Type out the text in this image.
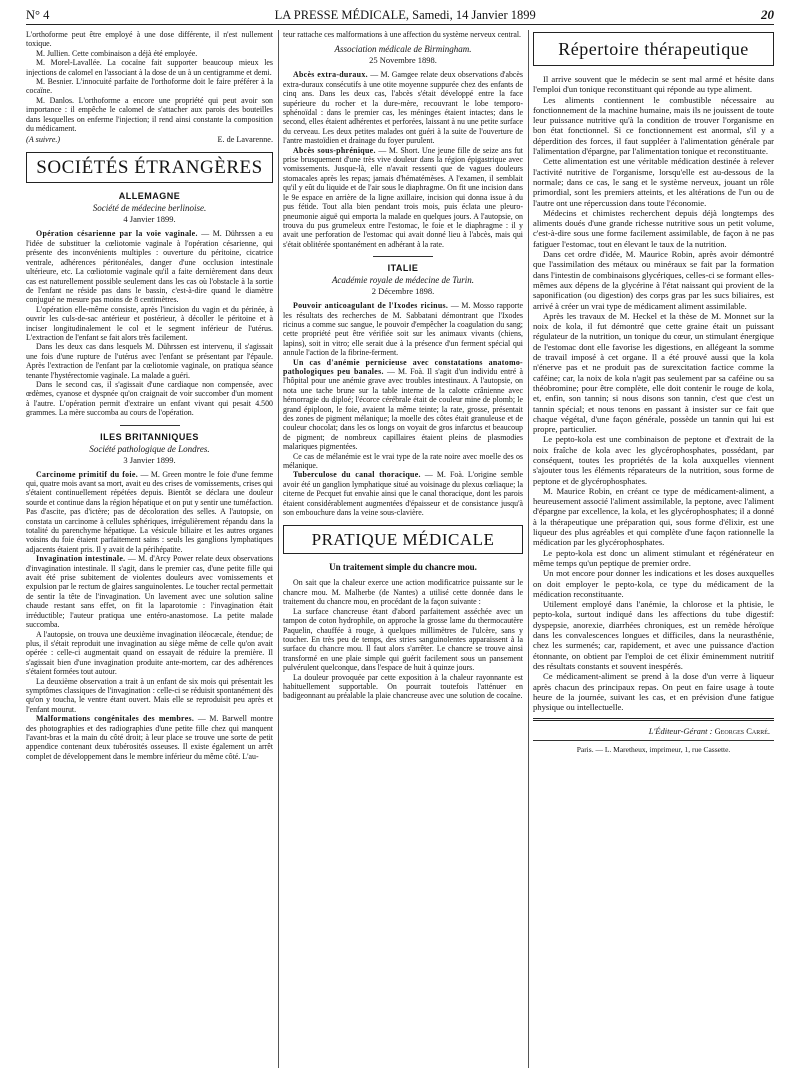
N° 4	LA PRESSE MÉDICALE, Samedi, 14 Janvier 1899	20

L'orthoforme peut être employé à une dose différente, il n'est nullement toxique.

M. Jullien. Cette combinaison a déjà été employée.

M. Morel-Lavallée. La cocaïne fait supporter beaucoup mieux les injections de calomel en l'associant à la dose de un à un centigramme et demi.

M. Besnier. L'innocuité parfaite de l'orthoforme doit le faire préférer à la cocaïne.

M. Danlos. L'orthoforme a encore une propriété qui peut avoir son importance : il empêche le calomel de s'attacher aux parois des bouteilles dans lesquelles on enferme l'injection; il rend ainsi constante la composition du médicament.

(A suivre.)	E. de Lavarenne.
SOCIÉTÉS ÉTRANGÈRES
ALLEMAGNE
Société de médecine berlinoise.
4 Janvier 1899.

Opération césarienne par la voie vaginale. — M. Dührssen a eu l'idée de substituer la cœliotomie vaginale à l'opération césarienne, qui présente des inconvénients multiples : ouverture du péritoine, cicatrice ventrale, adhérences péritonéales, danger d'une occlusion intestinale ultérieure, etc. La cœliotomie vaginale qu'il a faite dernièrement dans deux cas est naturellement possible seulement dans les cas où l'obstacle à la sortie de l'enfant ne réside pas dans le bassin, c'est-à-dire quand le diamètre conjugué ne mesure pas moins de 8 centimètres.

L'opération elle-même consiste, après l'incision du vagin et du périnée, à ouvrir les culs-de-sac antérieur et postérieur, à décoller le péritoine et à inciser longitudinalement le col et le segment inférieur de l'utérus. L'extraction de l'enfant se fait alors très facilement.

Dans les deux cas dans lesquels M. Dührssen est intervenu, il s'agissait une fois d'une rupture de l'utérus avec l'enfant se présentant par l'épaule. Après l'extraction de l'enfant par la cœliotomie vaginale, on pratiqua séance tenante l'hystérectomie vaginale. La malade a guéri.

Dans le second cas, il s'agissait d'une cardiaque non compensée, avec œdèmes, cyanose et dyspnée qu'on craignait de voir succomber d'un moment à l'autre. L'opération permit d'extraire un enfant vivant qui pesait 4.500 grammes. La mère succomba au cours de l'opération.

ILES BRITANNIQUES
Société pathologique de Londres.
3 Janvier 1899.

Carcinome primitif du foie. — M. Green montre le foie d'une femme qui, quatre mois avant sa mort, avait eu des crises de vomissements, crises qui s'étaient continuellement répétées depuis. Bientôt se déclara une douleur sourde et continue dans la région hépatique et on put y sentir une tuméfaction. Pas d'ascite, pas d'ictère; pas de décoloration des selles. A l'autopsie, on constata un carcinome à cellules sphériques, irrégulièrement répandu dans la totalité du parenchyme hépatique. La vésicule biliaire et les autres organes voisins du foie étaient parfaitement sains : seuls les ganglions lymphatiques adjacents étaient pris. Il y avait de la périhépatite.

Invagination intestinale. — M. d'Arcy Power relate deux observations d'invagination intestinale. Il s'agit, dans le premier cas, d'une petite fille qui avait été prise subitement de violentes douleurs avec vomissements et expulsion par le rectum de glaires sanguinolentes. Le toucher rectal permettait de sentir la tête de l'invagination. Un lavement avec une solution saline chaude restant sans effet, on fit la laparotomie : l'invagination était irréductible; l'auteur pratiqua une entéro-anastomose. La petite malade succomba.

A l'autopsie, on trouva une deuxième invagination iléocæcale, étendue; de plus, il s'était reproduit une invagination au siège même de celle qu'on avait opérée : celle-ci augmentait quand on essayait de réduire la première. Il s'agissait bien d'une invagination produite ante-mortem, car des adhérences s'étaient formées tout autour.

La deuxième observation a trait à un enfant de six mois qui présentait les symptômes classiques de l'invagination : celle-ci se réduisit spontanément dès qu'on y toucha, le ventre étant ouvert. Mais elle se reproduisit peu après et l'enfant mourut.

Malformations congénitales des membres. — M. Barwell montre des photographies et des radiographies d'une petite fille chez qui manquent l'avant-bras et la main du côté droit; à leur place se trouve une sorte de petit appendice contenant deux tubérosités osseuses. Il existe également un arrêt complet de développement dans le membre inférieur du même côté. L'au-

teur rattache ces malformations à une affection du système nerveux central.

Association médicale de Birmingham.
25 Novembre 1898.

Abcès extra-duraux. — M. Gamgee relate deux observations d'abcès extra-duraux consécutifs à une otite moyenne suppurée chez des enfants de cinq ans. Dans les deux cas, l'abcès s'était développé entre la face supérieure du rocher et la dure-mère, recouvrant le lobe temporo-sphénoïdal : dans le premier cas, les méninges étaient intactes; dans le second, elles étaient adhérentes et perforées, laissant à nu une petite surface du cerveau. Les deux petites malades ont guéri à la suite de l'ouverture de l'antre mastoïdien et drainage du foyer purulent.

Abcès sous-phrénique. — M. Short. Une jeune fille de seize ans fut prise brusquement d'une très vive douleur dans la région épigastrique avec vomissements. Jusque-là, elle n'avait ressenti que de vagues douleurs stomacales après les repas; jamais d'hématémèses. A l'examen, il semblait qu'il y eût du liquide et de l'air sous le diaphragme. On fit une incision dans le 9e espace en arrière de la ligne axillaire, incision qui donna issue à du pus fétide. Tout alla bien pendant trois mois, puis éclata une pleuro-pneumonie aiguë qui emporta la malade en quelques jours. A l'autopsie, on trouva du pus grumeleux entre l'estomac, le foie et le diaphragme : il y avait une perforation de l'estomac qui avait donné lieu à l'abcès, mais qui s'était oblitérée spontanément en adhérant à la rate.

ITALIE
Académie royale de médecine de Turin.
2 Décembre 1898.

Pouvoir anticoagulant de l'Ixodes ricinus. — M. Mosso rapporte les résultats des recherches de M. Sabbatani démontrant que l'Ixodes ricinus a comme suc sangue, le pouvoir d'empêcher la coagulation du sang; cette propriété peut être vérifiée soit sur les animaux vivants (chiens, lapins), soit in vitro; elle serait due à la présence d'un ferment spécial qui annule l'action de la fibrine-ferment.

Un cas d'anémie pernicieuse avec constatations anatomo-pathologiques peu banales. — M. Foà. Il s'agit d'un individu entré à l'hôpital pour une anémie grave avec troubles intestinaux. A l'autopsie, on nota une tache brune sur la table interne de la calotte crânienne avec hémorragie du diploé; l'écorce cérébrale était de couleur mine de plomb; le grand épiploon, le foie, avaient la même teinte; la rate, grosse, présentait des zones de pigment mélanique; la moelle des côtes était granuleuse et de couleur chocolat; dans les os longs on voyait de gros infarctus et beaucoup de pigment; de nombreux capillaires étaient pleins de plasmodies malariques pigmentées.

Ce cas de mélanémie est le vrai type de la rate noire avec moelle des os mélanique.

Tuberculose du canal thoracique. — M. Foà. L'origine semble avoir été un ganglion lymphatique situé au voisinage du plexus cœliaque; la citerne de Pecquet fut envahie ainsi que le canal thoracique, dont les parois étaient considérablement augmentées d'épaisseur et de consistance jusqu'à son embouchure dans la veine sous-clavière.

PRATIQUE MÉDICALE
Un traitement simple du chancre mou.

On sait que la chaleur exerce une action modificatrice puissante sur le chancre mou. M. Malherbe (de Nantes) a utilisé cette donnée dans le traitement du chancre mou, en procédant de la façon suivante :

La surface chancreuse étant d'abord parfaitement asséchée avec un tampon de coton hydrophile, on approche la grosse lame du thermocautère Paquelin, chauffée à rouge, à quelques millimètres de l'ulcère, sans y toucher. En très peu de temps, des stries sanguinolentes apparaissent à la surface du chancre mou. Il faut alors s'arrêter. Le chancre se trouve ainsi transformé en une plaie simple qui guérit facilement sous un pansement pulvérulent quelconque, dans l'espace de huit à quinze jours.

La douleur provoquée par cette exposition à la chaleur rayonnante est habituellement supportable. On pourrait toutefois l'atténuer en badigeonnant au préalable la plaie chancreuse avec une solution de cocaïne.

Répertoire thérapeutique

Il arrive souvent que le médecin se sent mal armé et hésite dans l'emploi d'un tonique reconstituant qui réponde au type aliment.

Les aliments contiennent le combustible nécessaire au fonctionnement de la machine humaine, mais ils ne jouissent de toute leur puissance nutritive qu'à la condition de trouver l'organisme en bon état fonctionnel. Si ce fonctionnement est anormal, s'il y a déperdition des forces, il faut suppléer à l'alimentation générale par l'alimentation d'épargne, par l'alimentation tonique et reconstituante.

Cette alimentation est une véritable médication destinée à relever l'activité nutritive de l'organisme, lorsqu'elle est au-dessous de la normale; dans ce cas, le sang et le système nerveux, jouant un rôle primordial, sont les premiers atteints, et les altérations de l'un ou de l'autre ont une répercussion dans toute l'économie.

Médecins et chimistes recherchent depuis déjà longtemps des aliments doués d'une grande richesse nutritive sous un petit volume, c'est-à-dire sous une forme facilement assimilable, de façon à ne pas fatiguer l'estomac, tout en élevant le taux de la nutrition.

Dans cet ordre d'idée, M. Maurice Robin, après avoir démontré que l'assimilation des métaux ou minéraux se fait par la formation dans l'intestin de combinaisons glycériques, celles-ci se formant elles-mêmes aux dépens de la glycérine à l'état naissant qui provient de la saponification (ou digestion) des corps gras par les sucs biliaires, est arrivé à créer un vrai type de médicament aliment assimilable.

Après les travaux de M. Heckel et la thèse de M. Monnet sur la noix de kola, il fut démontré que cette graine était un puissant régulateur de la nutrition, un tonique du cœur, un stimulant énergique de l'estomac dont elle favorise les digestions, en allégeant la somme de travail imposé à cet organe. Il a été prouvé aussi que la kola n'énerve pas et ne produit pas de surexcitation factice comme la caféine; car, la noix de kola n'agit pas seulement par sa caféine ou sa théobromine; pour être complète, elle doit contenir le rouge de kola, et, enfin, son tannin; si nous disons son tannin, c'est que c'est un tannin spécial; et nous tenons en passant à insister sur ce fait que chaque végétal, d'une façon générale, possède un tannin qui lui est propre, particulier.

Le pepto-kola est une combinaison de peptone et d'extrait de la noix fraîche de kola avec les glycérophosphates, possédant, par conséquent, toutes les propriétés de la kola auxquelles viennent s'ajouter tous les éléments réparateurs de la nutrition, sous forme de peptone et de glycérophosphates.

M. Maurice Robin, en créant ce type de médicament-aliment, a heureusement associé l'aliment assimilable, la peptone, avec l'aliment d'épargne par excellence, la kola, et les glycérophosphates; il a donné à la thérapeutique une préparation qui, sous forme d'élixir, est une liqueur des plus agréables et qui complète d'une façon rationnelle la médication par les glycérophosphates.

Le pepto-kola est donc un aliment stimulant et régénérateur en même temps qu'un peptique de premier ordre.

Un mot encore pour donner les indications et les doses auxquelles on doit employer le pepto-kola, ce type du médicament de la médication reconstituante.

Utilement employé dans l'anémie, la chlorose et la phtisie, le pepto-kola, surtout indiqué dans les affections du tube digestif: dyspepsie, anorexie, diarrhées chroniques, est un remède héroïque dans les convalescences longues et difficiles, dans la neurasthénie, chez les surmenés; car, rapidement, et avec une puissance d'action étonnante, on obtient par l'emploi de cet élixir éminemment nutritif des résultats constants et souvent inespérés.

Ce médicament-aliment se prend à la dose d'un verre à liqueur après chacun des principaux repas. On peut en faire usage à toute heure de la journée, suivant les cas, et en prévision d'une fatigue physique ou intellectuelle.

L'Éditeur-Gérant : Georges Carré.
Paris. — L. Maretheux, imprimeur, 1, rue Cassette.
